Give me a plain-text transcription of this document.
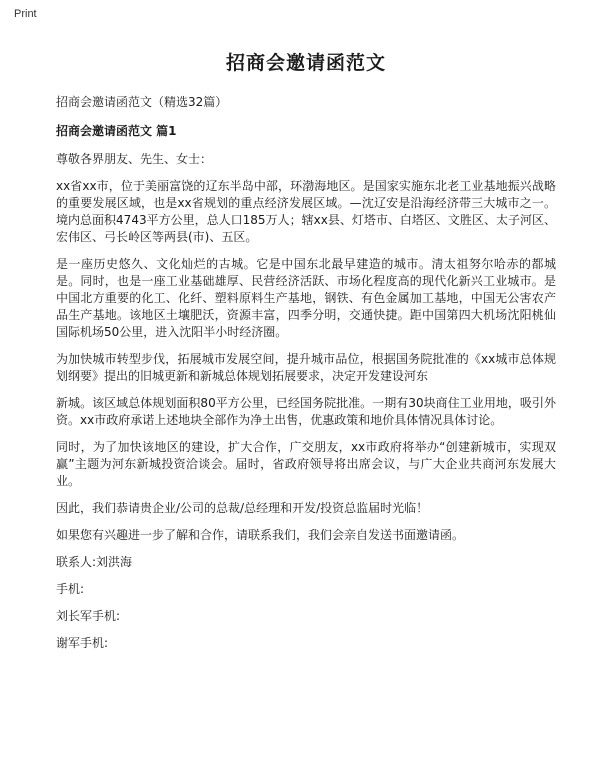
Print
招商会邀请函范文
招商会邀请函范文（精选32篇）
招商会邀请函范文 篇1
尊敬各界朋友、先生、女士：
xx省xx市，位于美丽富饶的辽东半岛中部，环渤海地区。是国家实施东北老工业基地振兴战略的重要发展区域，也是xx省规划的重点经济发展区域。—沈辽安是沿海经济带三大城市之一。境内总面积4743平方公里，总人口185万人；辖xx县、灯塔市、白塔区、文胜区、太子河区、宏伟区、弓长岭区等两县(市)、五区。
是一座历史悠久、文化灿烂的古城。它是中国东北最早建造的城市。清太祖努尔哈赤的都城是。同时，也是一座工业基础雄厚、民营经济活跃、市场化程度高的现代化新兴工业城市。是中国北方重要的化工、化纤、塑料原料生产基地，钢铁、有色金属加工基地，中国无公害农产品生产基地。该地区土壤肥沃，资源丰富，四季分明，交通快捷。距中国第四大机场沈阳桃仙国际机场50公里，进入沈阳半小时经济圈。
为加快城市转型步伐，拓展城市发展空间，提升城市品位，根据国务院批准的《xx城市总体规划纲要》提出的旧城更新和新城总体规划拓展要求，决定开发建设河东
新城。该区域总体规划面积80平方公里，已经国务院批准。一期有30块商住工业用地，吸引外资。xx市政府承诺上述地块全部作为净土出售，优惠政策和地价具体情况具体讨论。
同时，为了加快该地区的建设，扩大合作，广交朋友，xx市政府将举办“创建新城市，实现双赢”主题为河东新城投资洽谈会。届时，省政府领导将出席会议，与广大企业共商河东发展大业。
因此，我们恭请贵企业/公司的总裁/总经理和开发/投资总监届时光临！
如果您有兴趣进一步了解和合作，请联系我们，我们会亲自发送书面邀请函。
联系人:刘洪海
手机:
刘长军手机:
谢军手机:
